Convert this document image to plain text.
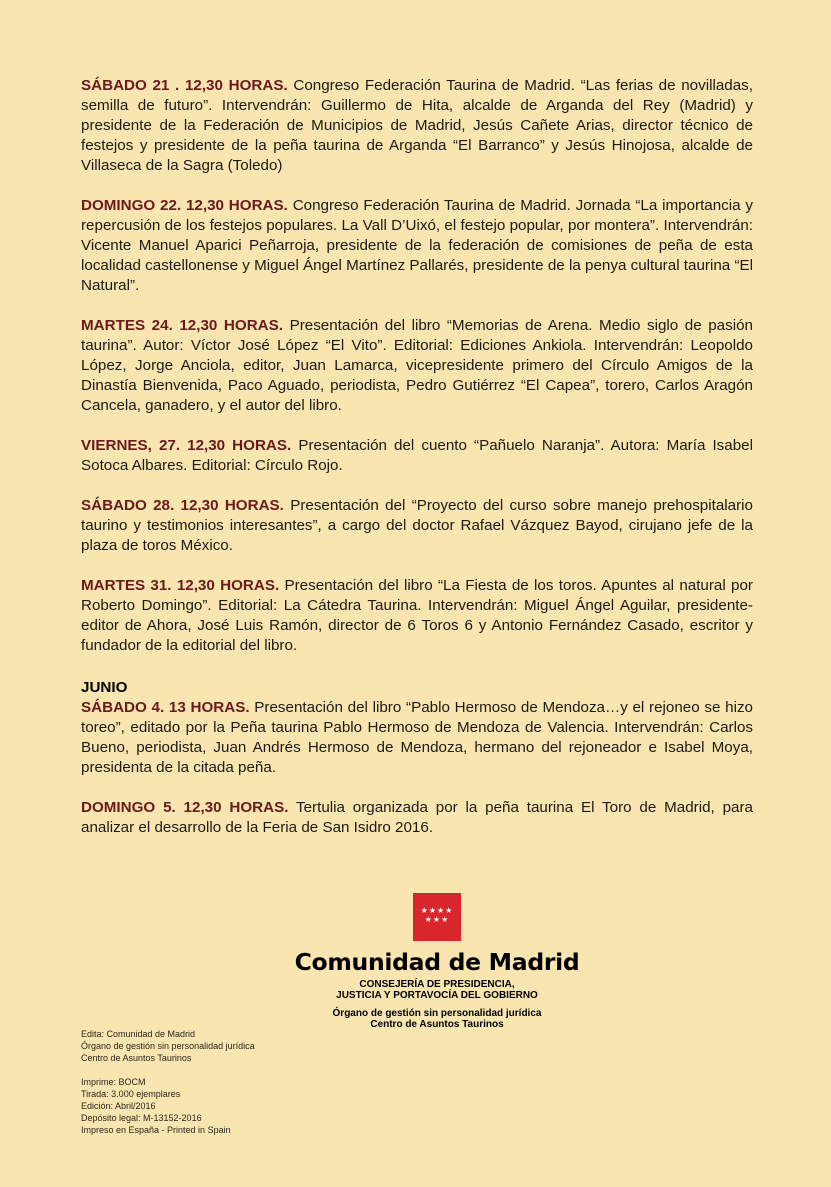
SÁBADO 21 . 12,30 HORAS. Congreso Federación Taurina de Madrid. “Las ferias de novilladas, semilla de futuro”. Intervendrán: Guillermo de Hita, alcalde de Arganda del Rey (Madrid) y presidente de la Federación de Municipios de Madrid, Jesús Cañete Arias, director técnico de festejos y presidente de la peña taurina de Arganda “El Barranco” y Jesús Hinojosa, alcalde de Villaseca de la Sagra (Toledo)

DOMINGO 22. 12,30 HORAS. Congreso Federación Taurina de Madrid. Jornada “La importancia y repercusión de los festejos populares. La Vall D’Uixó, el festejo popular, por montera”. Intervendrán: Vicente Manuel Aparici Peñarroja, presidente de la federación de comisiones de peña de esta localidad castellonense y Miguel Ángel Martínez Pallarés, presidente de la penya cultural taurina “El Natural”.

MARTES 24. 12,30 HORAS. Presentación del libro “Memorias de Arena. Medio siglo de pasión taurina”. Autor: Víctor José López “El Vito”. Editorial: Ediciones Ankiola. Intervendrán: Leopoldo López, Jorge Anciola, editor, Juan Lamarca, vicepresidente primero del Círculo Amigos de la Dinastía Bienvenida, Paco Aguado, periodista, Pedro Gutiérrez “El Capea”, torero, Carlos Aragón Cancela, ganadero, y el autor del libro.

VIERNES, 27. 12,30 HORAS. Presentación del cuento “Pañuelo Naranja”. Autora: María Isabel Sotoca Albares. Editorial: Círculo Rojo.

SÁBADO 28. 12,30 HORAS. Presentación del “Proyecto del curso sobre manejo prehospitalario taurino y testimonios interesantes”, a cargo del doctor Rafael Vázquez Bayod, cirujano jefe de la plaza de toros México.

MARTES 31. 12,30 HORAS. Presentación del libro “La Fiesta de los toros. Apuntes al natural por Roberto Domingo”. Editorial: La Cátedra Taurina. Intervendrán: Miguel Ángel Aguilar, presidente-editor de Ahora, José Luis Ramón, director de 6 Toros 6 y Antonio Fernández Casado, escritor y fundador de la editorial del libro.

JUNIO

SÁBADO 4. 13 HORAS. Presentación del libro “Pablo Hermoso de Mendoza…y el rejoneo se hizo toreo”, editado por la Peña taurina Pablo Hermoso de Mendoza de Valencia. Intervendrán: Carlos Bueno, periodista, Juan Andrés Hermoso de Mendoza, hermano del rejoneador e Isabel Moya, presidenta de la citada peña.

DOMINGO 5. 12,30 HORAS. Tertulia organizada por la peña taurina El Toro de Madrid, para analizar el desarrollo de la Feria de San Isidro 2016.

★★★★ ★★★
Comunidad de Madrid
CONSEJERÍA DE PRESIDENCIA,
JUSTICIA Y PORTAVOCÍA DEL GOBIERNO
Órgano de gestión sin personalidad jurídica
Centro de Asuntos Taurinos
Edita: Comunidad de Madrid
Órgano de gestión sin personalidad jurídica
Centro de Asuntos Taurinos
Imprime: BOCM
Tirada: 3.000 ejemplares
Edición: Abril/2016
Depósito legal: M-13152-2016
Impreso en España - Printed in Spain
